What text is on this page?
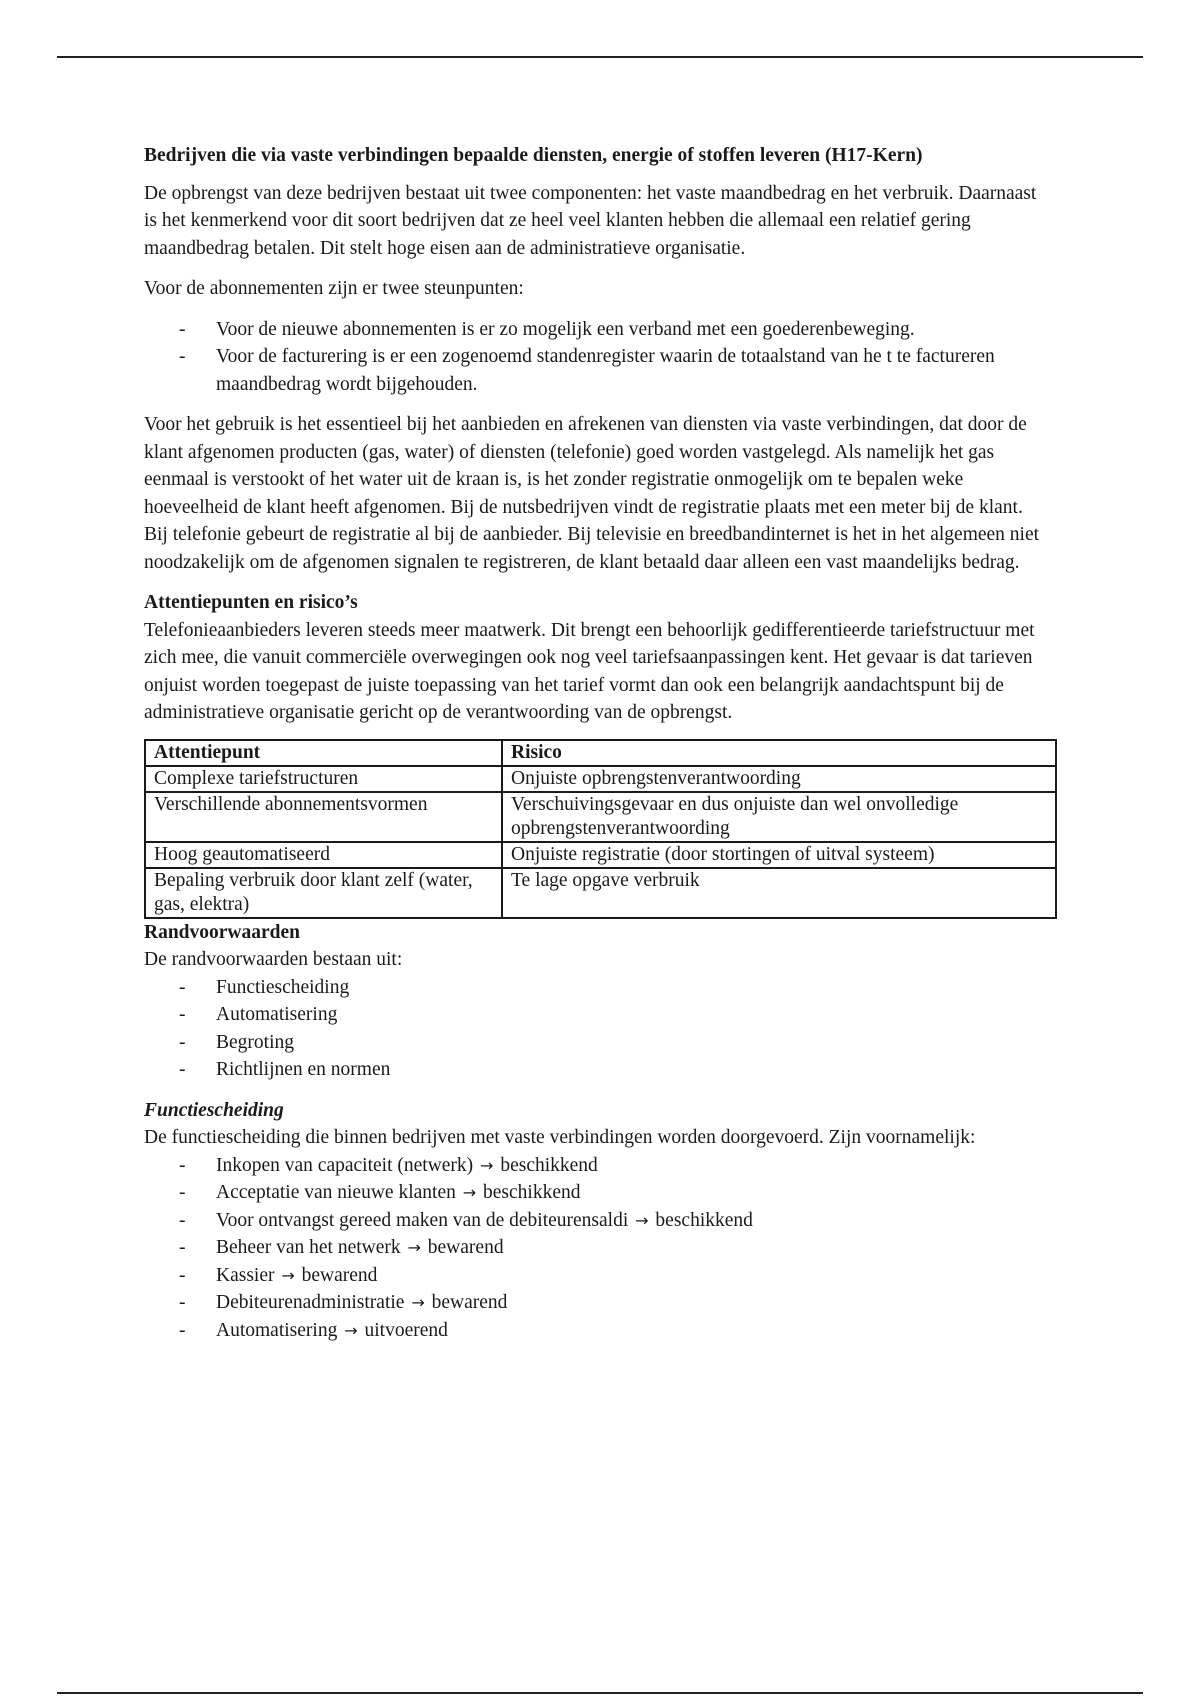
Bedrijven die via vaste verbindingen bepaalde diensten, energie of stoffen leveren (H17-Kern)

De opbrengst van deze bedrijven bestaat uit twee componenten: het vaste maandbedrag en het verbruik. Daarnaast is het kenmerkend voor dit soort bedrijven dat ze heel veel klanten hebben die allemaal een relatief gering maandbedrag betalen. Dit stelt hoge eisen aan de administratieve organisatie.

Voor de abonnementen zijn er twee steunpunten:

- Voor de nieuwe abonnementen is er zo mogelijk een verband met een goederenbeweging.
- Voor de facturering is er een zogenoemd standenregister waarin de totaalstand van he t te factureren maandbedrag wordt bijgehouden.

Voor het gebruik is het essentieel bij het aanbieden en afrekenen van diensten via vaste verbindingen, dat door de klant afgenomen producten (gas, water) of diensten (telefonie) goed worden vastgelegd. Als namelijk het gas eenmaal is verstookt of het water uit de kraan is, is het zonder registratie onmogelijk om te bepalen weke hoeveelheid de klant heeft afgenomen. Bij de nutsbedrijven vindt de registratie plaats met een meter bij de klant. Bij telefonie gebeurt de registratie al bij de aanbieder. Bij televisie en breedbandinternet is het in het algemeen niet noodzakelijk om de afgenomen signalen te registreren, de klant betaald daar alleen een vast maandelijks bedrag.

Attentiepunten en risico’s

Telefonieaanbieders leveren steeds meer maatwerk. Dit brengt een behoorlijk gedifferentieerde tariefstructuur met zich mee, die vanuit commerciële overwegingen ook nog veel tariefsaanpassingen kent. Het gevaar is dat tarieven onjuist worden toegepast de juiste toepassing van het tarief vormt dan ook een belangrijk aandachtspunt bij de administratieve organisatie gericht op de verantwoording van de opbrengst.

Attentiepunt	Risico
Complexe tariefstructuren	Onjuiste opbrengstenverantwoording
Verschillende abonnementsvormen	Verschuivingsgevaar en dus onjuiste dan wel onvolledige opbrengstenverantwoording
Hoog geautomatiseerd	Onjuiste registratie (door stortingen of uitval systeem)
Bepaling verbruik door klant zelf (water, gas, elektra)	Te lage opgave verbruik
Randvoorwaarden

De randvoorwaarden bestaan uit:

- Functiescheiding
- Automatisering
- Begroting
- Richtlijnen en normen
Functiescheiding

De functiescheiding die binnen bedrijven met vaste verbindingen worden doorgevoerd. Zijn voornamelijk:

- Inkopen van capaciteit (netwerk) → beschikkend
- Acceptatie van nieuwe klanten → beschikkend
- Voor ontvangst gereed maken van de debiteurensaldi → beschikkend
- Beheer van het netwerk → bewarend
- Kassier → bewarend
- Debiteurenadministratie → bewarend
- Automatisering → uitvoerend
